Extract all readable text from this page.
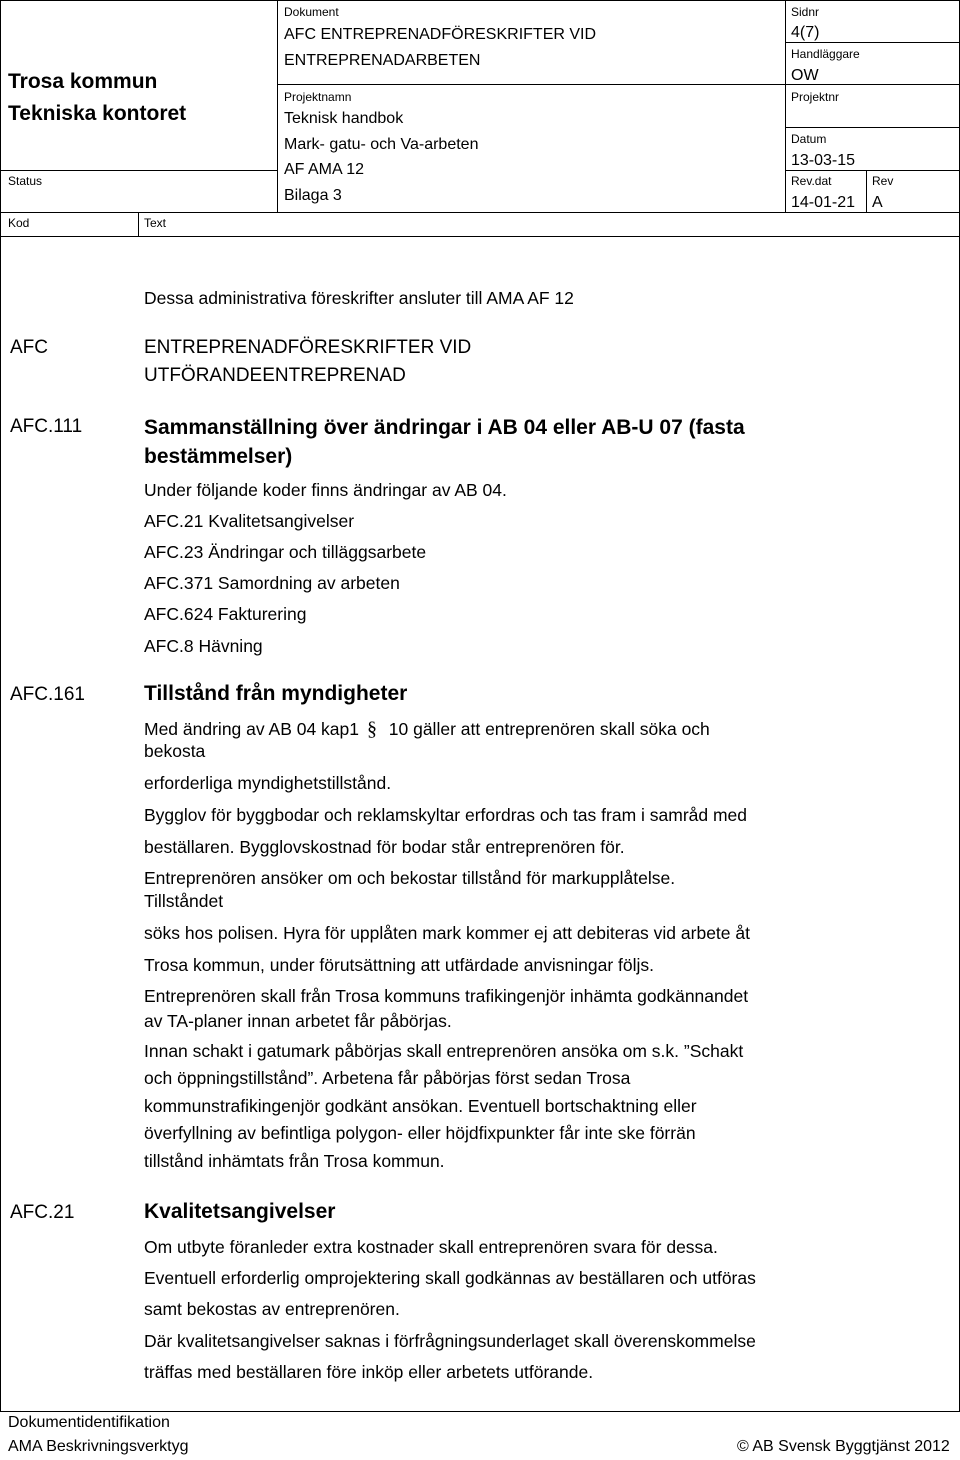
Trosa kommun
Tekniska kontoret
Status
Kod	Text
Dokument
AFC ENTREPRENADFÖRESKRIFTER VID
ENTREPRENADARBETEN
Projektnamn
Teknisk handbok
Mark- gatu- och Va-arbeten
AF AMA 12
Bilaga 3
Sidnr
4(7)
Handläggare
OW
Projektnr
Datum
13-03-15
Rev.dat
14-01-21
Rev
A
Dessa administrativa föreskrifter ansluter till AMA AF 12
AFC	ENTREPRENADFÖRESKRIFTER VID
UTFÖRANDEENTREPRENAD
AFC.111	Sammanställning över ändringar i AB 04 eller AB-U 07 (fasta
bestämmelser)
Under följande koder finns ändringar av AB 04.
AFC.21 Kvalitetsangivelser
AFC.23 Ändringar och tilläggsarbete
AFC.371 Samordning av arbeten
AFC.624 Fakturering
AFC.8 Hävning
AFC.161	Tillstånd från myndigheter
Med ändring av AB 04 kap1 § 10 gäller att entreprenören skall söka och
bekosta
erforderliga myndighetstillstånd.
Bygglov för byggbodar och reklamskyltar erfordras och tas fram i samråd med
beställaren. Bygglovskostnad för bodar står entreprenören för.
Entreprenören ansöker om och bekostar tillstånd för markupplåtelse.
Tillståndet
söks hos polisen. Hyra för upplåten mark kommer ej att debiteras vid arbete åt
Trosa kommun, under förutsättning att utfärdade anvisningar följs.
Entreprenören skall från Trosa kommuns trafikingenjör inhämta godkännandet
av TA-planer innan arbetet får påbörjas.
Innan schakt i gatumark påbörjas skall entreprenören ansöka om s.k. ”Schakt
och öppningstillstånd”. Arbetena får påbörjas först sedan Trosa
kommunstrafikingenjör godkänt ansökan. Eventuell bortschaktning eller
överfyllning av befintliga polygon- eller höjdfixpunkter får inte ske förrän
tillstånd inhämtats från Trosa kommun.
AFC.21	Kvalitetsangivelser
Om utbyte föranleder extra kostnader skall entreprenören svara för dessa.
Eventuell erforderlig omprojektering skall godkännas av beställaren och utföras
samt bekostas av entreprenören.
Där kvalitetsangivelser saknas i förfrågningsunderlaget skall överenskommelse
träffas med beställaren före inköp eller arbetets utförande.
Dokumentidentifikation
AMA Beskrivningsverktyg	© AB Svensk Byggtjänst 2012
